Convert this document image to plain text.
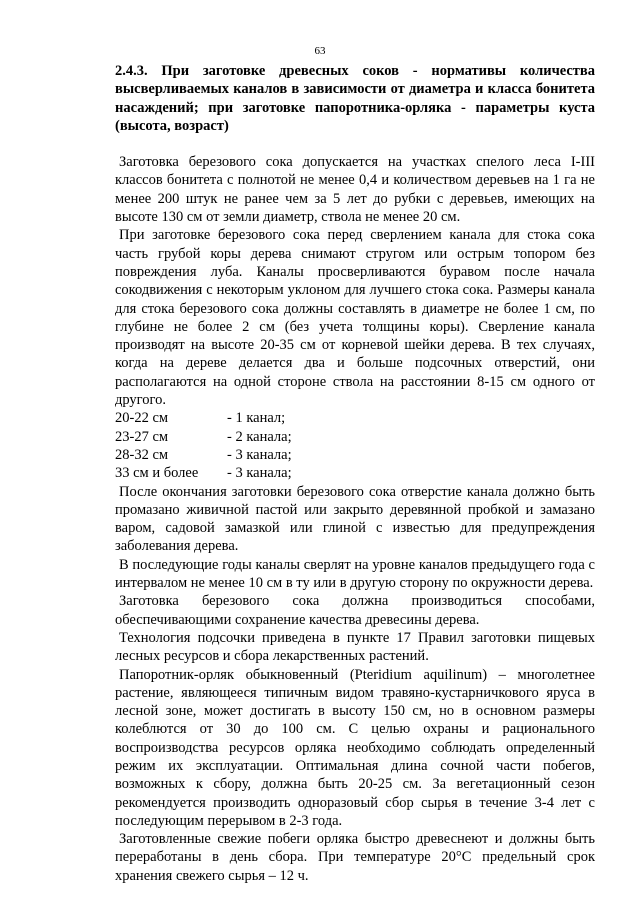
63

2.4.3. При заготовке древесных соков - нормативы количества высверливаемых каналов в зависимости от диаметра и класса бонитета насаждений; при заготовке папоротника-орляка - параметры куста (высота, возраст)

Заготовка березового сока допускается на участках спелого леса I-III классов бонитета с полнотой не менее 0,4 и количеством деревьев на 1 га не менее 200 штук не ранее чем за 5 лет до рубки с деревьев, имеющих на высоте 130 см от земли диаметр, ствола не менее 20 см.

При заготовке березового сока перед сверлением канала для стока сока часть грубой коры дерева снимают стругом или острым топором без повреждения луба. Каналы просверливаются буравом после начала сокодвижения с некоторым уклоном для лучшего стока сока. Размеры канала для стока березового сока должны составлять в диаметре не более 1 см, по глубине не более 2 см (без учета толщины коры). Сверление канала производят на высоте 20-35 см от корневой шейки дерева. В тех случаях, когда на дереве делается два и больше подсочных отверстий, они располагаются на одной стороне ствола на расстоянии 8-15 см одного от другого.

20-22 см	- 1 канал;
23-27 см	- 2 канала;
28-32 см	- 3 канала;
33 см и более	- 3 канала;

После окончания заготовки березового сока отверстие канала должно быть промазано живичной пастой или закрыто деревянной пробкой и замазано варом, садовой замазкой или глиной с известью для предупреждения заболевания дерева.

В последующие годы каналы сверлят на уровне каналов предыдущего года с интервалом не менее 10 см в ту или в другую сторону по окружности дерева.

Заготовка березового сока должна производиться способами, обеспечивающими сохранение качества древесины дерева.

Технология подсочки приведена в пункте 17 Правил заготовки пищевых лесных ресурсов и сбора лекарственных растений.

Папоротник-орляк обыкновенный (Pteridium aquilinum) – многолетнее растение, являющееся типичным видом травяно-кустарничкового яруса в лесной зоне, может достигать в высоту 150 см, но в основном размеры колеблются от 30 до 100 см. С целью охраны и рационального воспроизводства ресурсов орляка необходимо соблюдать определенный режим их эксплуатации. Оптимальная длина сочной части побегов, возможных к сбору, должна быть 20-25 см. За вегетационный сезон рекомендуется производить одноразовый сбор сырья в течение 3-4 лет с последующим перерывом в 2-3 года.

Заготовленные свежие побеги орляка быстро древеснеют и должны быть переработаны в день сбора. При температуре 20°С предельный срок хранения свежего сырья – 12 ч.
